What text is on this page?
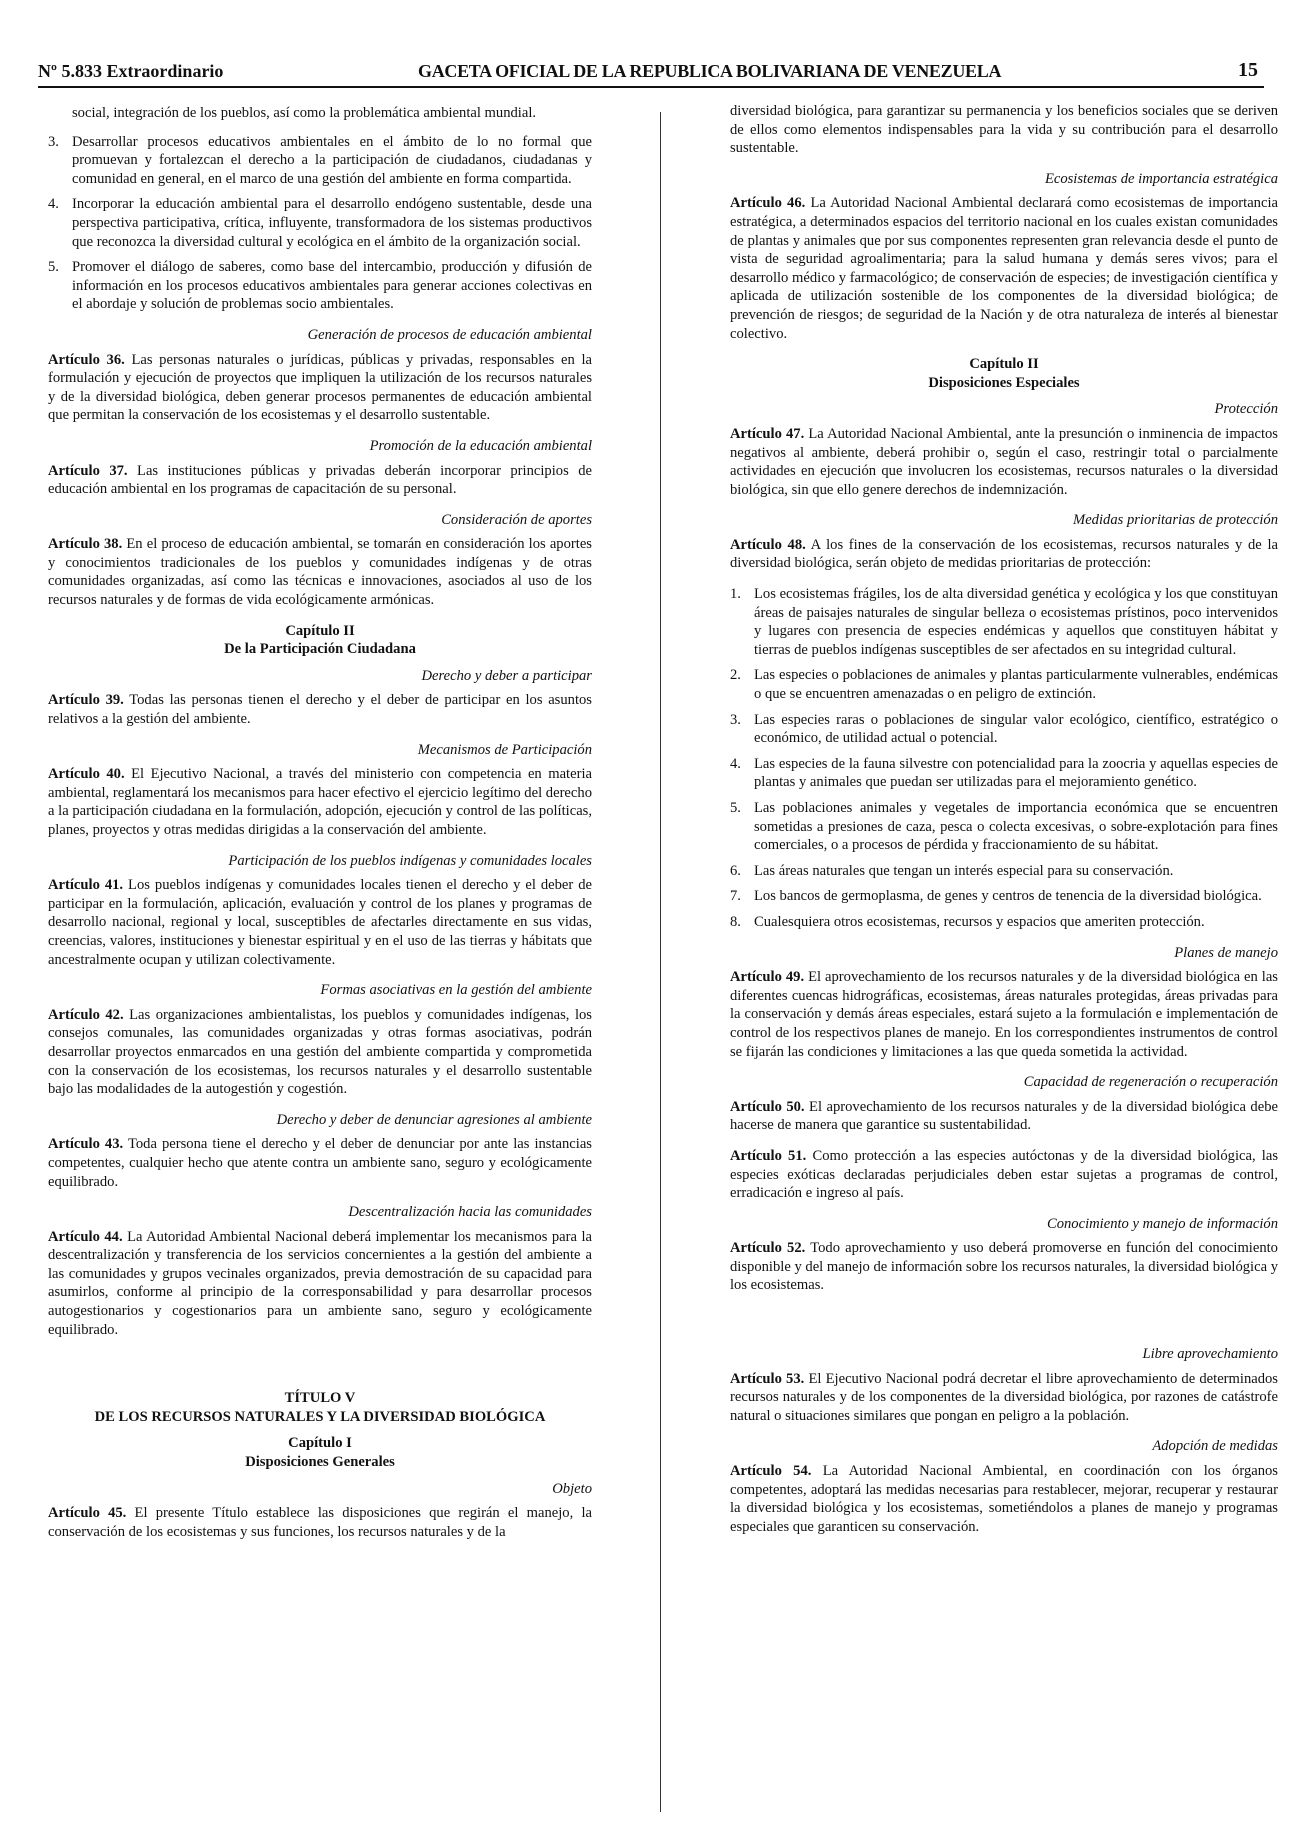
Nº 5.833 Extraordinario	GACETA OFICIAL DE LA REPUBLICA BOLIVARIANA DE VENEZUELA	15

social, integración de los pueblos, así como la problemática ambiental mundial.

3. Desarrollar procesos educativos ambientales en el ámbito de lo no formal que promuevan y fortalezcan el derecho a la participación de ciudadanos, ciudadanas y comunidad en general, en el marco de una gestión del ambiente en forma compartida.
4. Incorporar la educación ambiental para el desarrollo endógeno sustentable, desde una perspectiva participativa, crítica, influyente, transformadora de los sistemas productivos que reconozca la diversidad cultural y ecológica en el ámbito de la organización social.
5. Promover el diálogo de saberes, como base del intercambio, producción y difusión de información en los procesos educativos ambientales para generar acciones colectivas en el abordaje y solución de problemas socio ambientales.
Generación de procesos de educación ambiental

Artículo 36. Las personas naturales o jurídicas, públicas y privadas, responsables en la formulación y ejecución de proyectos que impliquen la utilización de los recursos naturales y de la diversidad biológica, deben generar procesos permanentes de educación ambiental que permitan la conservación de los ecosistemas y el desarrollo sustentable.

Promoción de la educación ambiental

Artículo 37. Las instituciones públicas y privadas deberán incorporar principios de educación ambiental en los programas de capacitación de su personal.

Consideración de aportes

Artículo 38. En el proceso de educación ambiental, se tomarán en consideración los aportes y conocimientos tradicionales de los pueblos y comunidades indígenas y de otras comunidades organizadas, así como las técnicas e innovaciones, asociados al uso de los recursos naturales y de formas de vida ecológicamente armónicas.

Capítulo II
De la Participación Ciudadana
Derecho y deber a participar

Artículo 39. Todas las personas tienen el derecho y el deber de participar en los asuntos relativos a la gestión del ambiente.

Mecanismos de Participación

Artículo 40. El Ejecutivo Nacional, a través del ministerio con competencia en materia ambiental, reglamentará los mecanismos para hacer efectivo el ejercicio legítimo del derecho a la participación ciudadana en la formulación, adopción, ejecución y control de las políticas, planes, proyectos y otras medidas dirigidas a la conservación del ambiente.

Participación de los pueblos indígenas y comunidades locales

Artículo 41. Los pueblos indígenas y comunidades locales tienen el derecho y el deber de participar en la formulación, aplicación, evaluación y control de los planes y programas de desarrollo nacional, regional y local, susceptibles de afectarles directamente en sus vidas, creencias, valores, instituciones y bienestar espiritual y en el uso de las tierras y hábitats que ancestralmente ocupan y utilizan colectivamente.

Formas asociativas en la gestión del ambiente

Artículo 42. Las organizaciones ambientalistas, los pueblos y comunidades indígenas, los consejos comunales, las comunidades organizadas y otras formas asociativas, podrán desarrollar proyectos enmarcados en una gestión del ambiente compartida y comprometida con la conservación de los ecosistemas, los recursos naturales y el desarrollo sustentable bajo las modalidades de la autogestión y cogestión.

Derecho y deber de denunciar agresiones al ambiente

Artículo 43. Toda persona tiene el derecho y el deber de denunciar por ante las instancias competentes, cualquier hecho que atente contra un ambiente sano, seguro y ecológicamente equilibrado.

Descentralización hacia las comunidades

Artículo 44. La Autoridad Ambiental Nacional deberá implementar los mecanismos para la descentralización y transferencia de los servicios concernientes a la gestión del ambiente a las comunidades y grupos vecinales organizados, previa demostración de su capacidad para asumirlos, conforme al principio de la corresponsabilidad y para desarrollar procesos autogestionarios y cogestionarios para un ambiente sano, seguro y ecológicamente equilibrado.

TÍTULO V
DE LOS RECURSOS NATURALES Y LA DIVERSIDAD BIOLÓGICA
Capítulo I
Disposiciones Generales
Objeto

Artículo 45. El presente Título establece las disposiciones que regirán el manejo, la conservación de los ecosistemas y sus funciones, los recursos naturales y de la

diversidad biológica, para garantizar su permanencia y los beneficios sociales que se deriven de ellos como elementos indispensables para la vida y su contribución para el desarrollo sustentable.

Ecosistemas de importancia estratégica

Artículo 46. La Autoridad Nacional Ambiental declarará como ecosistemas de importancia estratégica, a determinados espacios del territorio nacional en los cuales existan comunidades de plantas y animales que por sus componentes representen gran relevancia desde el punto de vista de seguridad agroalimentaria; para la salud humana y demás seres vivos; para el desarrollo médico y farmacológico; de conservación de especies; de investigación científica y aplicada de utilización sostenible de los componentes de la diversidad biológica; de prevención de riesgos; de seguridad de la Nación y de otra naturaleza de interés al bienestar colectivo.

Capítulo II
Disposiciones Especiales
Protección

Artículo 47. La Autoridad Nacional Ambiental, ante la presunción o inminencia de impactos negativos al ambiente, deberá prohibir o, según el caso, restringir total o parcialmente actividades en ejecución que involucren los ecosistemas, recursos naturales o la diversidad biológica, sin que ello genere derechos de indemnización.

Medidas prioritarias de protección

Artículo 48. A los fines de la conservación de los ecosistemas, recursos naturales y de la diversidad biológica, serán objeto de medidas prioritarias de protección:

1. Los ecosistemas frágiles, los de alta diversidad genética y ecológica y los que constituyan áreas de paisajes naturales de singular belleza o ecosistemas prístinos, poco intervenidos y lugares con presencia de especies endémicas y aquellos que constituyen hábitat y tierras de pueblos indígenas susceptibles de ser afectados en su integridad cultural.
2. Las especies o poblaciones de animales y plantas particularmente vulnerables, endémicas o que se encuentren amenazadas o en peligro de extinción.
3. Las especies raras o poblaciones de singular valor ecológico, científico, estratégico o económico, de utilidad actual o potencial.
4. Las especies de la fauna silvestre con potencialidad para la zoocria y aquellas especies de plantas y animales que puedan ser utilizadas para el mejoramiento genético.
5. Las poblaciones animales y vegetales de importancia económica que se encuentren sometidas a presiones de caza, pesca o colecta excesivas, o sobre-explotación para fines comerciales, o a procesos de pérdida y fraccionamiento de su hábitat.
6. Las áreas naturales que tengan un interés especial para su conservación.
7. Los bancos de germoplasma, de genes y centros de tenencia de la diversidad biológica.
8. Cualesquiera otros ecosistemas, recursos y espacios que ameriten protección.
Planes de manejo

Artículo 49. El aprovechamiento de los recursos naturales y de la diversidad biológica en las diferentes cuencas hidrográficas, ecosistemas, áreas naturales protegidas, áreas privadas para la conservación y demás áreas especiales, estará sujeto a la formulación e implementación de control de los respectivos planes de manejo. En los correspondientes instrumentos de control se fijarán las condiciones y limitaciones a las que queda sometida la actividad.

Capacidad de regeneración o recuperación

Artículo 50. El aprovechamiento de los recursos naturales y de la diversidad biológica debe hacerse de manera que garantice su sustentabilidad.

Artículo 51. Como protección a las especies autóctonas y de la diversidad biológica, las especies exóticas declaradas perjudiciales deben estar sujetas a programas de control, erradicación e ingreso al país.

Conocimiento y manejo de información

Artículo 52. Todo aprovechamiento y uso deberá promoverse en función del conocimiento disponible y del manejo de información sobre los recursos naturales, la diversidad biológica y los ecosistemas.

Libre aprovechamiento

Artículo 53. El Ejecutivo Nacional podrá decretar el libre aprovechamiento de determinados recursos naturales y de los componentes de la diversidad biológica, por razones de catástrofe natural o situaciones similares que pongan en peligro a la población.

Adopción de medidas

Artículo 54. La Autoridad Nacional Ambiental, en coordinación con los órganos competentes, adoptará las medidas necesarias para restablecer, mejorar, recuperar y restaurar la diversidad biológica y los ecosistemas, sometiéndolos a planes de manejo y programas especiales que garanticen su conservación.
